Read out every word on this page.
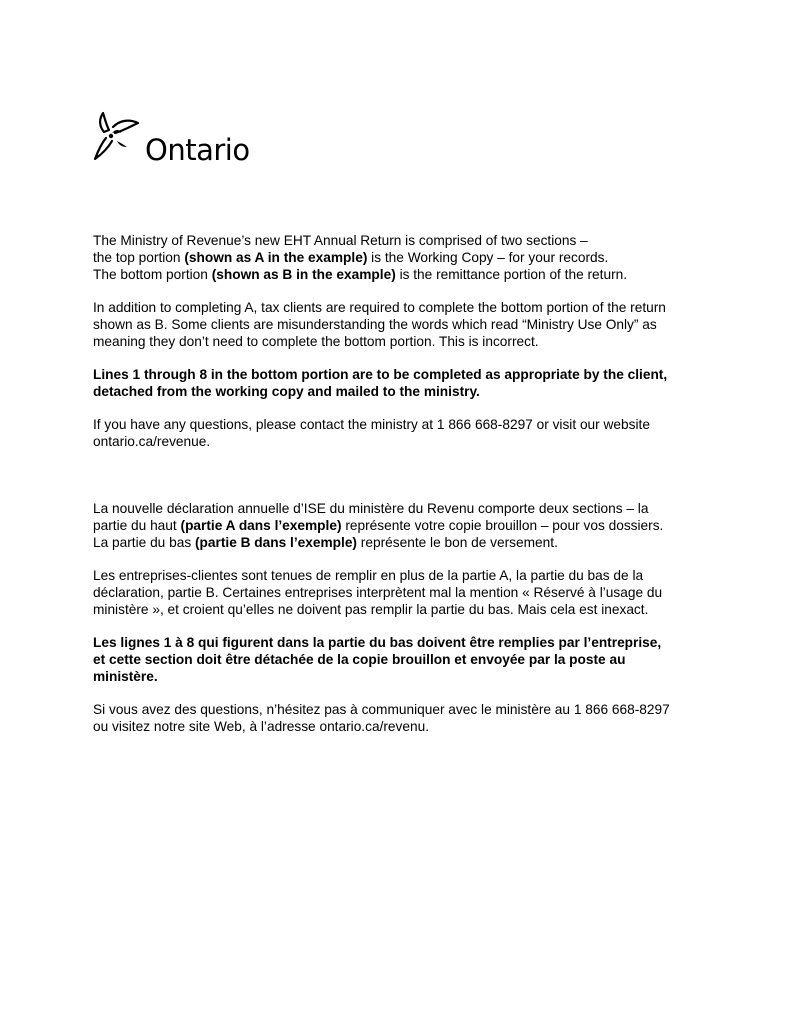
Ontario
The Ministry of Revenue’s new EHT Annual Return is comprised of two sections –
the top portion (shown as A in the example) is the Working Copy – for your records.
The bottom portion (shown as B in the example) is the remittance portion of the return.
In addition to completing A, tax clients are required to complete the bottom portion of the return
shown as B. Some clients are misunderstanding the words which read “Ministry Use Only” as
meaning they don’t need to complete the bottom portion. This is incorrect.
Lines 1 through 8 in the bottom portion are to be completed as appropriate by the client,
detached from the working copy and mailed to the ministry.
If you have any questions, please contact the ministry at 1 866 668-8297 or visit our website
ontario.ca/revenue.
La nouvelle déclaration annuelle d’ISE du ministère du Revenu comporte deux sections – la
partie du haut (partie A dans l’exemple) représente votre copie brouillon – pour vos dossiers.
La partie du bas (partie B dans l’exemple) représente le bon de versement.
Les entreprises-clientes sont tenues de remplir en plus de la partie A, la partie du bas de la
déclaration, partie B. Certaines entreprises interprètent mal la mention « Réservé à l’usage du
ministère », et croient qu’elles ne doivent pas remplir la partie du bas. Mais cela est inexact.
Les lignes 1 à 8 qui figurent dans la partie du bas doivent être remplies par l’entreprise,
et cette section doit être détachée de la copie brouillon et envoyée par la poste au
ministère.
Si vous avez des questions, n’hésitez pas à communiquer avec le ministère au 1 866 668-8297
ou visitez notre site Web, à l’adresse ontario.ca/revenu.
